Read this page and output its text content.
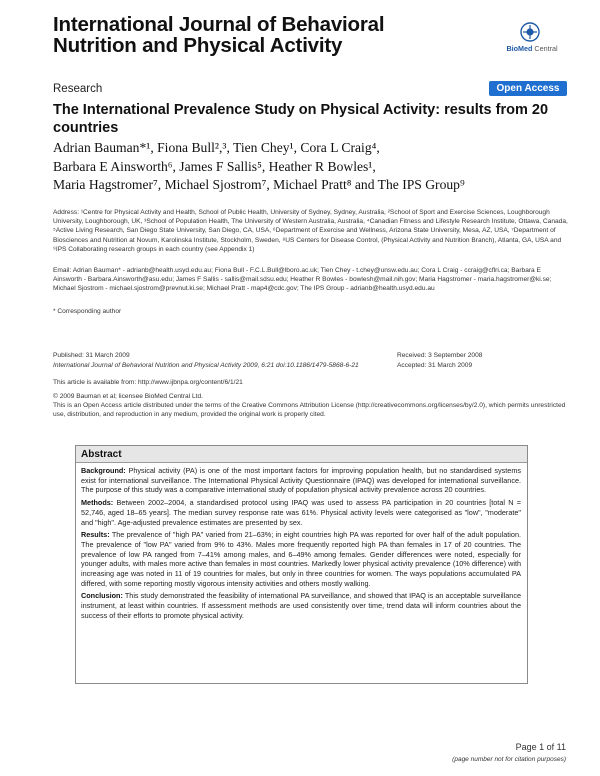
International Journal of Behavioral Nutrition and Physical Activity	BioMed Central
Research	Open Access
The International Prevalence Study on Physical Activity: results from 20 countries
Adrian Bauman*¹, Fiona Bull²,³, Tien Chey¹, Cora L Craig⁴,
Barbara E Ainsworth⁶, James F Sallis⁵, Heather R Bowles¹,
Maria Hagstromer⁷, Michael Sjostrom⁷, Michael Pratt⁸ and The IPS Group⁹
Address: ¹Centre for Physical Activity and Health, School of Public Health, University of Sydney, Sydney, Australia, ²School of Sport and Exercise Sciences, Loughborough University, Loughborough, UK, ³School of Population Health, The University of Western Australia, Australia, ⁴Canadian Fitness and Lifestyle Research Institute, Ottawa, Canada, ⁵Active Living Research, San Diego State University, San Diego, CA, USA, ⁶Department of Exercise and Wellness, Arizona State University, Mesa, AZ, USA, ⁷Department of Biosciences and Nutrition at Novum, Karolinska Institute, Stockholm, Sweden, ⁸US Centers for Disease Control, (Physical Activity and Nutrition Branch), Atlanta, GA, USA and ⁹IPS Collaborating research groups in each country (see Appendix 1)
Email: Adrian Bauman* - adrianb@health.usyd.edu.au; Fiona Bull - F.C.L.Bull@lboro.ac.uk; Tien Chey - t.chey@unsw.edu.au; Cora L Craig - ccraig@cflri.ca; Barbara E Ainsworth - Barbara.Ainsworth@asu.edu; James F Sallis - sallis@mail.sdsu.edu; Heather R Bowles - bowlesh@mail.nih.gov; Maria Hagstromer - maria.hagstromer@ki.se; Michael Sjostrom - michael.sjostrom@prevnut.ki.se; Michael Pratt - map4@cdc.gov; The IPS Group - adrianb@health.usyd.edu.au
* Corresponding author
Published: 31 March 2009
International Journal of Behavioral Nutrition and Physical Activity 2009, 6:21 doi:10.1186/1479-5868-6-21
Received: 3 September 2008
Accepted: 31 March 2009
This article is available from: http://www.ijbnpa.org/content/6/1/21
© 2009 Bauman et al; licensee BioMed Central Ltd.
This is an Open Access article distributed under the terms of the Creative Commons Attribution License (http://creativecommons.org/licenses/by/2.0), which permits unrestricted use, distribution, and reproduction in any medium, provided the original work is properly cited.
Abstract

Background: Physical activity (PA) is one of the most important factors for improving population health, but no standardised systems exist for international surveillance. The International Physical Activity Questionnaire (IPAQ) was developed for international surveillance. The purpose of this study was a comparative international study of population physical activity prevalence across 20 countries.

Methods: Between 2002–2004, a standardised protocol using IPAQ was used to assess PA participation in 20 countries [total N = 52,746, aged 18–65 years]. The median survey response rate was 61%. Physical activity levels were categorised as "low", "moderate" and "high". Age-adjusted prevalence estimates are presented by sex.

Results: The prevalence of "high PA" varied from 21–63%; in eight countries high PA was reported for over half of the adult population. The prevalence of "low PA" varied from 9% to 43%. Males more frequently reported high PA than females in 17 of 20 countries. The prevalence of low PA ranged from 7–41% among males, and 6–49% among females. Gender differences were noted, especially for younger adults, with males more active than females in most countries. Markedly lower physical activity prevalence (10% difference) with increasing age was noted in 11 of 19 countries for males, but only in three countries for women. The ways populations accumulated PA differed, with some reporting mostly vigorous intensity activities and others mostly walking.

Conclusion: This study demonstrated the feasibility of international PA surveillance, and showed that IPAQ is an acceptable surveillance instrument, at least within countries. If assessment methods are used consistently over time, trend data will inform countries about the success of their efforts to promote physical activity.

Page 1 of 11
(page number not for citation purposes)
